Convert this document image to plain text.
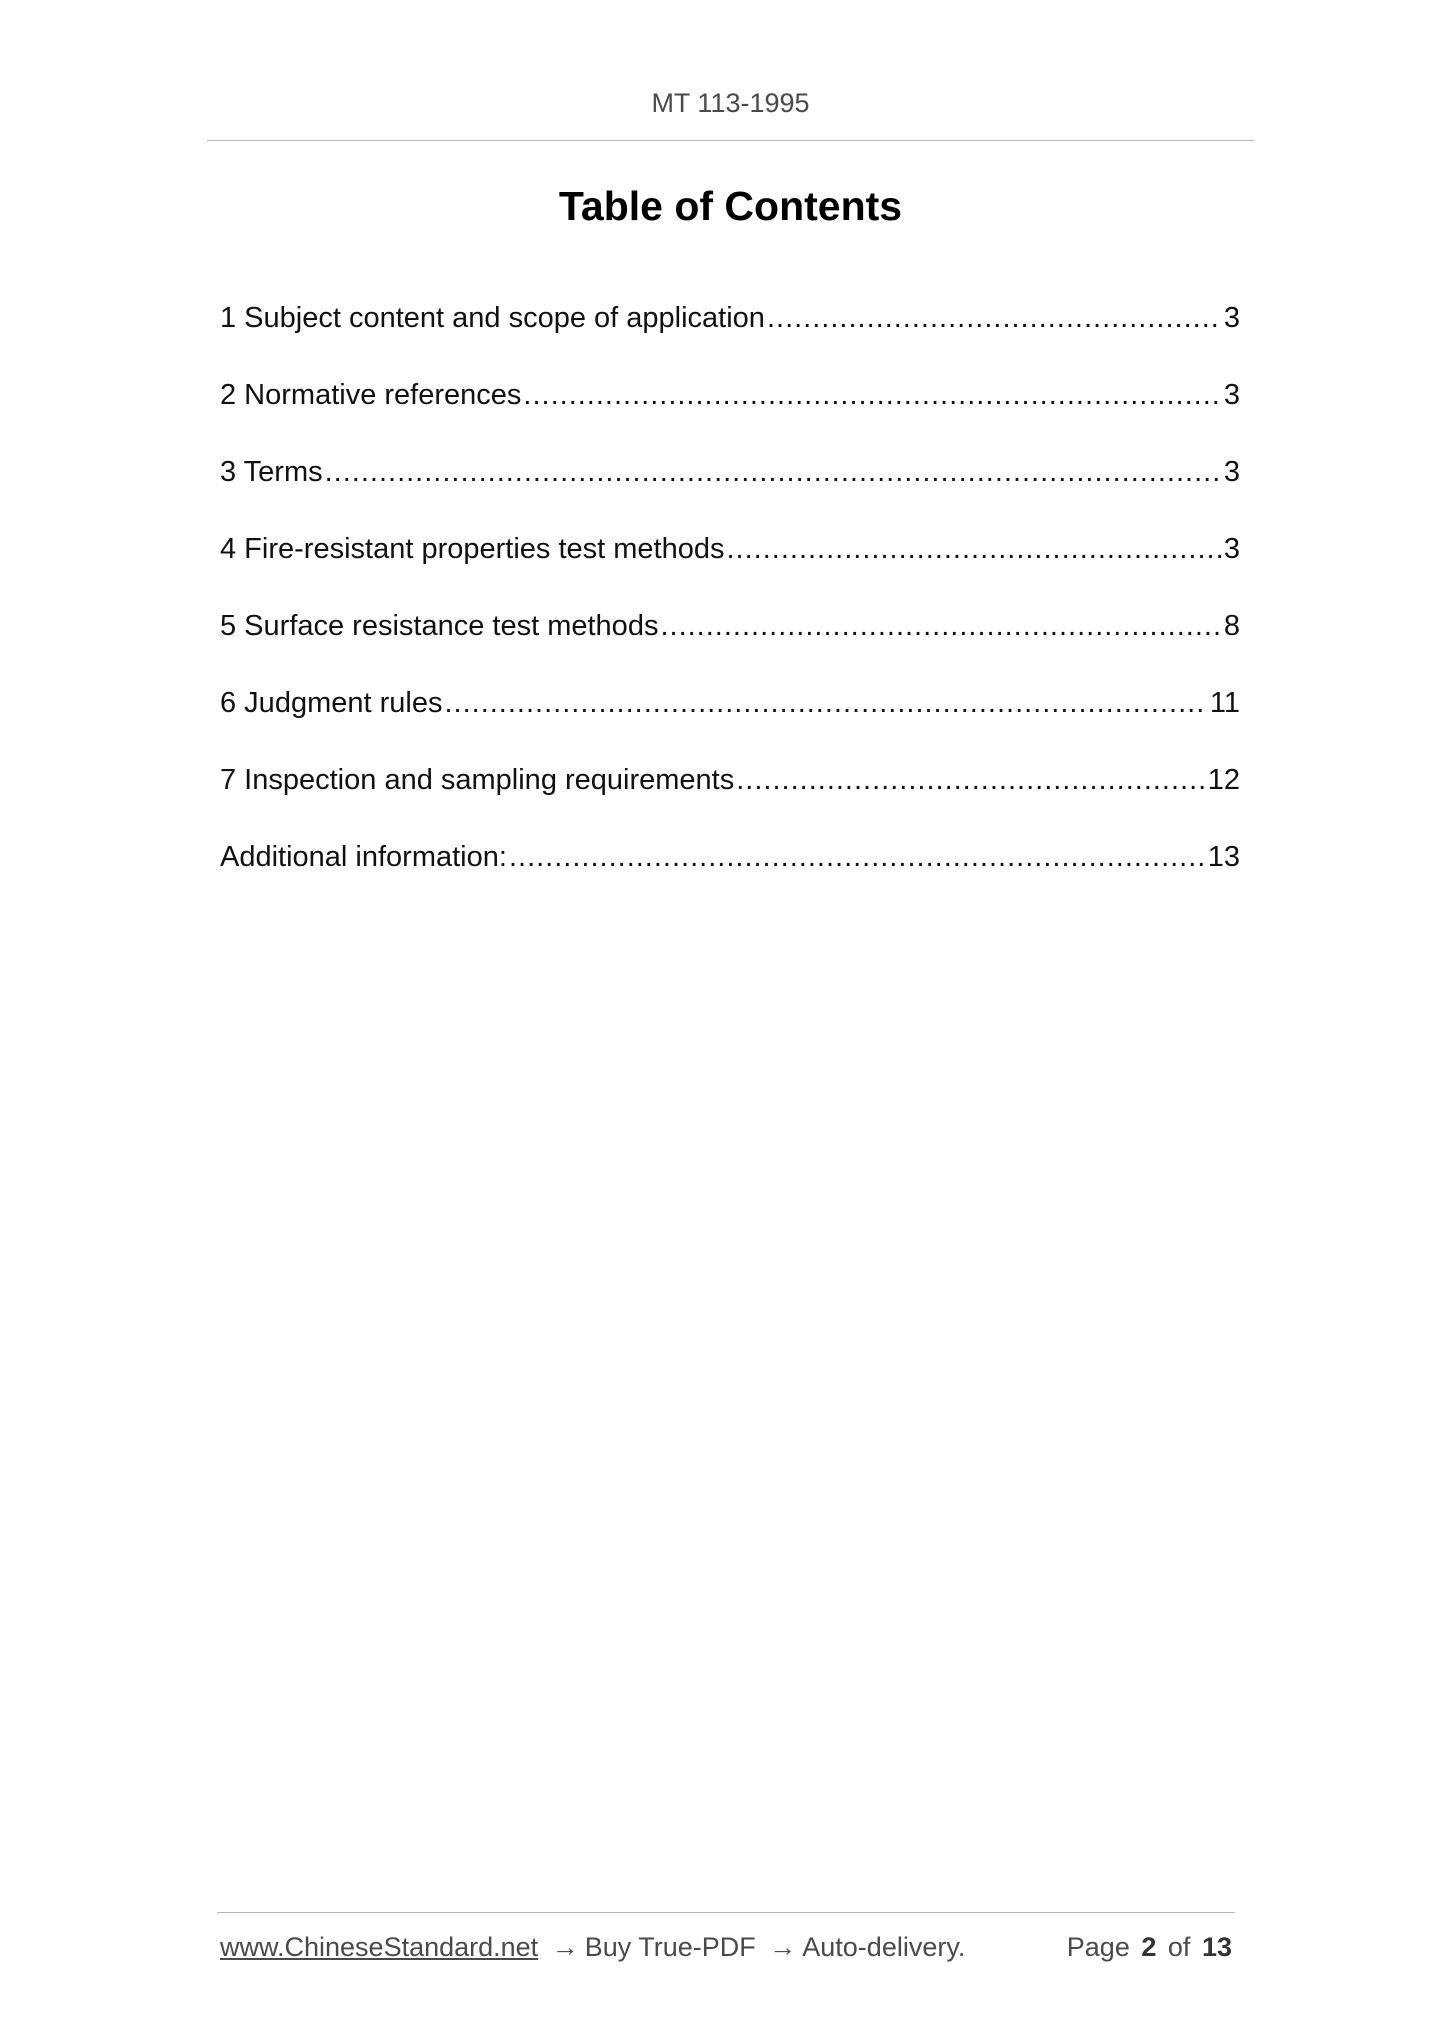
MT 113-1995
Table of Contents
1 Subject content and scope of application .....	3
2 Normative references .....	3
3 Terms .....	3
4 Fire-resistant properties test methods .....	3
5 Surface resistance test methods .....	8
6 Judgment rules .....	11
7 Inspection and sampling requirements .....	12
Additional information: .....	13
www.ChineseStandard.net → Buy True-PDF → Auto-delivery.	Page 2 of 13
